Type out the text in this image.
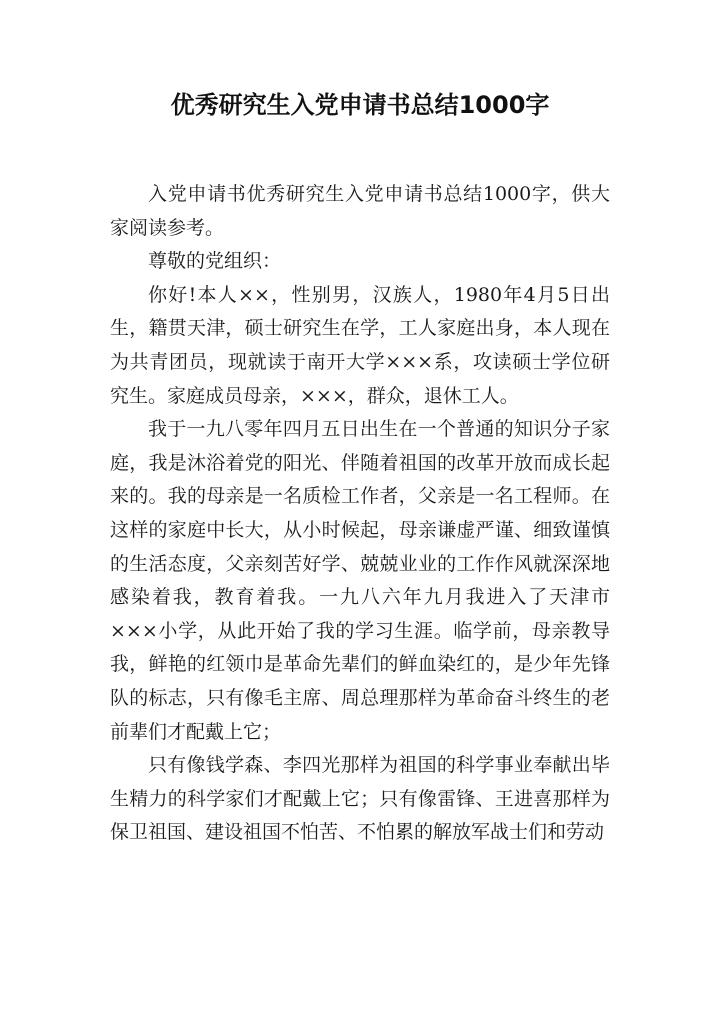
优秀研究生入党申请书总结1000字

入党申请书优秀研究生入党申请书总结1000字，供大家阅读参考。

尊敬的党组织：

你好!本人××，性别男，汉族人，1980年4月5日出生，籍贯天津，硕士研究生在学，工人家庭出身，本人现在为共青团员，现就读于南开大学×××系，攻读硕士学位研究生。家庭成员母亲，×××，群众，退休工人。

我于一九八零年四月五日出生在一个普通的知识分子家庭，我是沐浴着党的阳光、伴随着祖国的改革开放而成长起来的。我的母亲是一名质检工作者，父亲是一名工程师。在这样的家庭中长大，从小时候起，母亲谦虚严谨、细致谨慎的生活态度，父亲刻苦好学、兢兢业业的工作作风就深深地感染着我，教育着我。一九八六年九月我进入了天津市×××小学，从此开始了我的学习生涯。临学前，母亲教导我，鲜艳的红领巾是革命先辈们的鲜血染红的，是少年先锋队的标志，只有像毛主席、周总理那样为革命奋斗终生的老前辈们才配戴上它；

只有像钱学森、李四光那样为祖国的科学事业奉献出毕生精力的科学家们才配戴上它；只有像雷锋、王进喜那样为保卫祖国、建设祖国不怕苦、不怕累的解放军战士们和劳动
